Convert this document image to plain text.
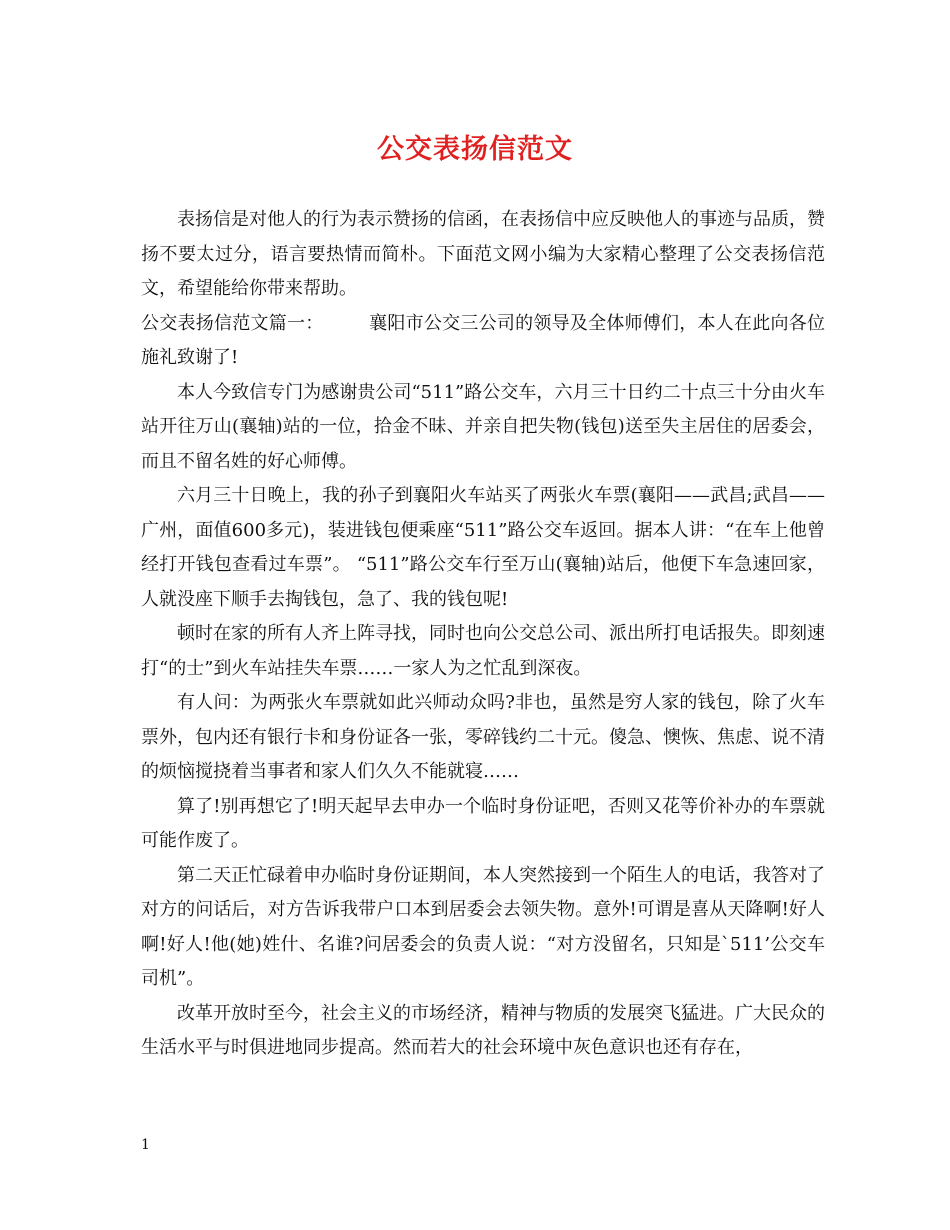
公交表扬信范文

表扬信是对他人的行为表示赞扬的信函，在表扬信中应反映他人的事迹与品质，赞扬不要太过分，语言要热情而简朴。下面范文网小编为大家精心整理了公交表扬信范文，希望能给你带来帮助。

公交表扬信范文篇一：　　　襄阳市公交三公司的领导及全体师傅们，本人在此向各位施礼致谢了!

本人今致信专门为感谢贵公司“511”路公交车，六月三十日约二十点三十分由火车站开往万山(襄轴)站的一位，拾金不昧、并亲自把失物(钱包)送至失主居住的居委会，而且不留名姓的好心师傅。

六月三十日晚上，我的孙子到襄阳火车站买了两张火车票(襄阳——武昌;武昌——广州，面值600多元)，装进钱包便乘座“511”路公交车返回。据本人讲：“在车上他曾经打开钱包查看过车票”。 “511”路公交车行至万山(襄轴)站后，他便下车急速回家，人就没座下顺手去掏钱包，急了、我的钱包呢!

顿时在家的所有人齐上阵寻找，同时也向公交总公司、派出所打电话报失。即刻速打“的士”到火车站挂失车票……一家人为之忙乱到深夜。

有人问：为两张火车票就如此兴师动众吗?非也，虽然是穷人家的钱包，除了火车票外，包内还有银行卡和身份证各一张，零碎钱约二十元。傻急、懊恢、焦虑、说不清的烦恼搅挠着当事者和家人们久久不能就寝……

算了!别再想它了!明天起早去申办一个临时身份证吧，否则又花等价补办的车票就可能作废了。

第二天正忙碌着申办临时身份证期间，本人突然接到一个陌生人的电话，我答对了对方的问话后，对方告诉我带户口本到居委会去领失物。意外!可谓是喜从天降啊!好人啊!好人!他(她)姓什、名谁?问居委会的负责人说：“对方没留名，只知是`511’公交车司机”。

改革开放时至今，社会主义的市场经济，精神与物质的发展突飞猛进。广大民众的生活水平与时俱进地同步提高。然而若大的社会环境中灰色意识也还有存在，

1
